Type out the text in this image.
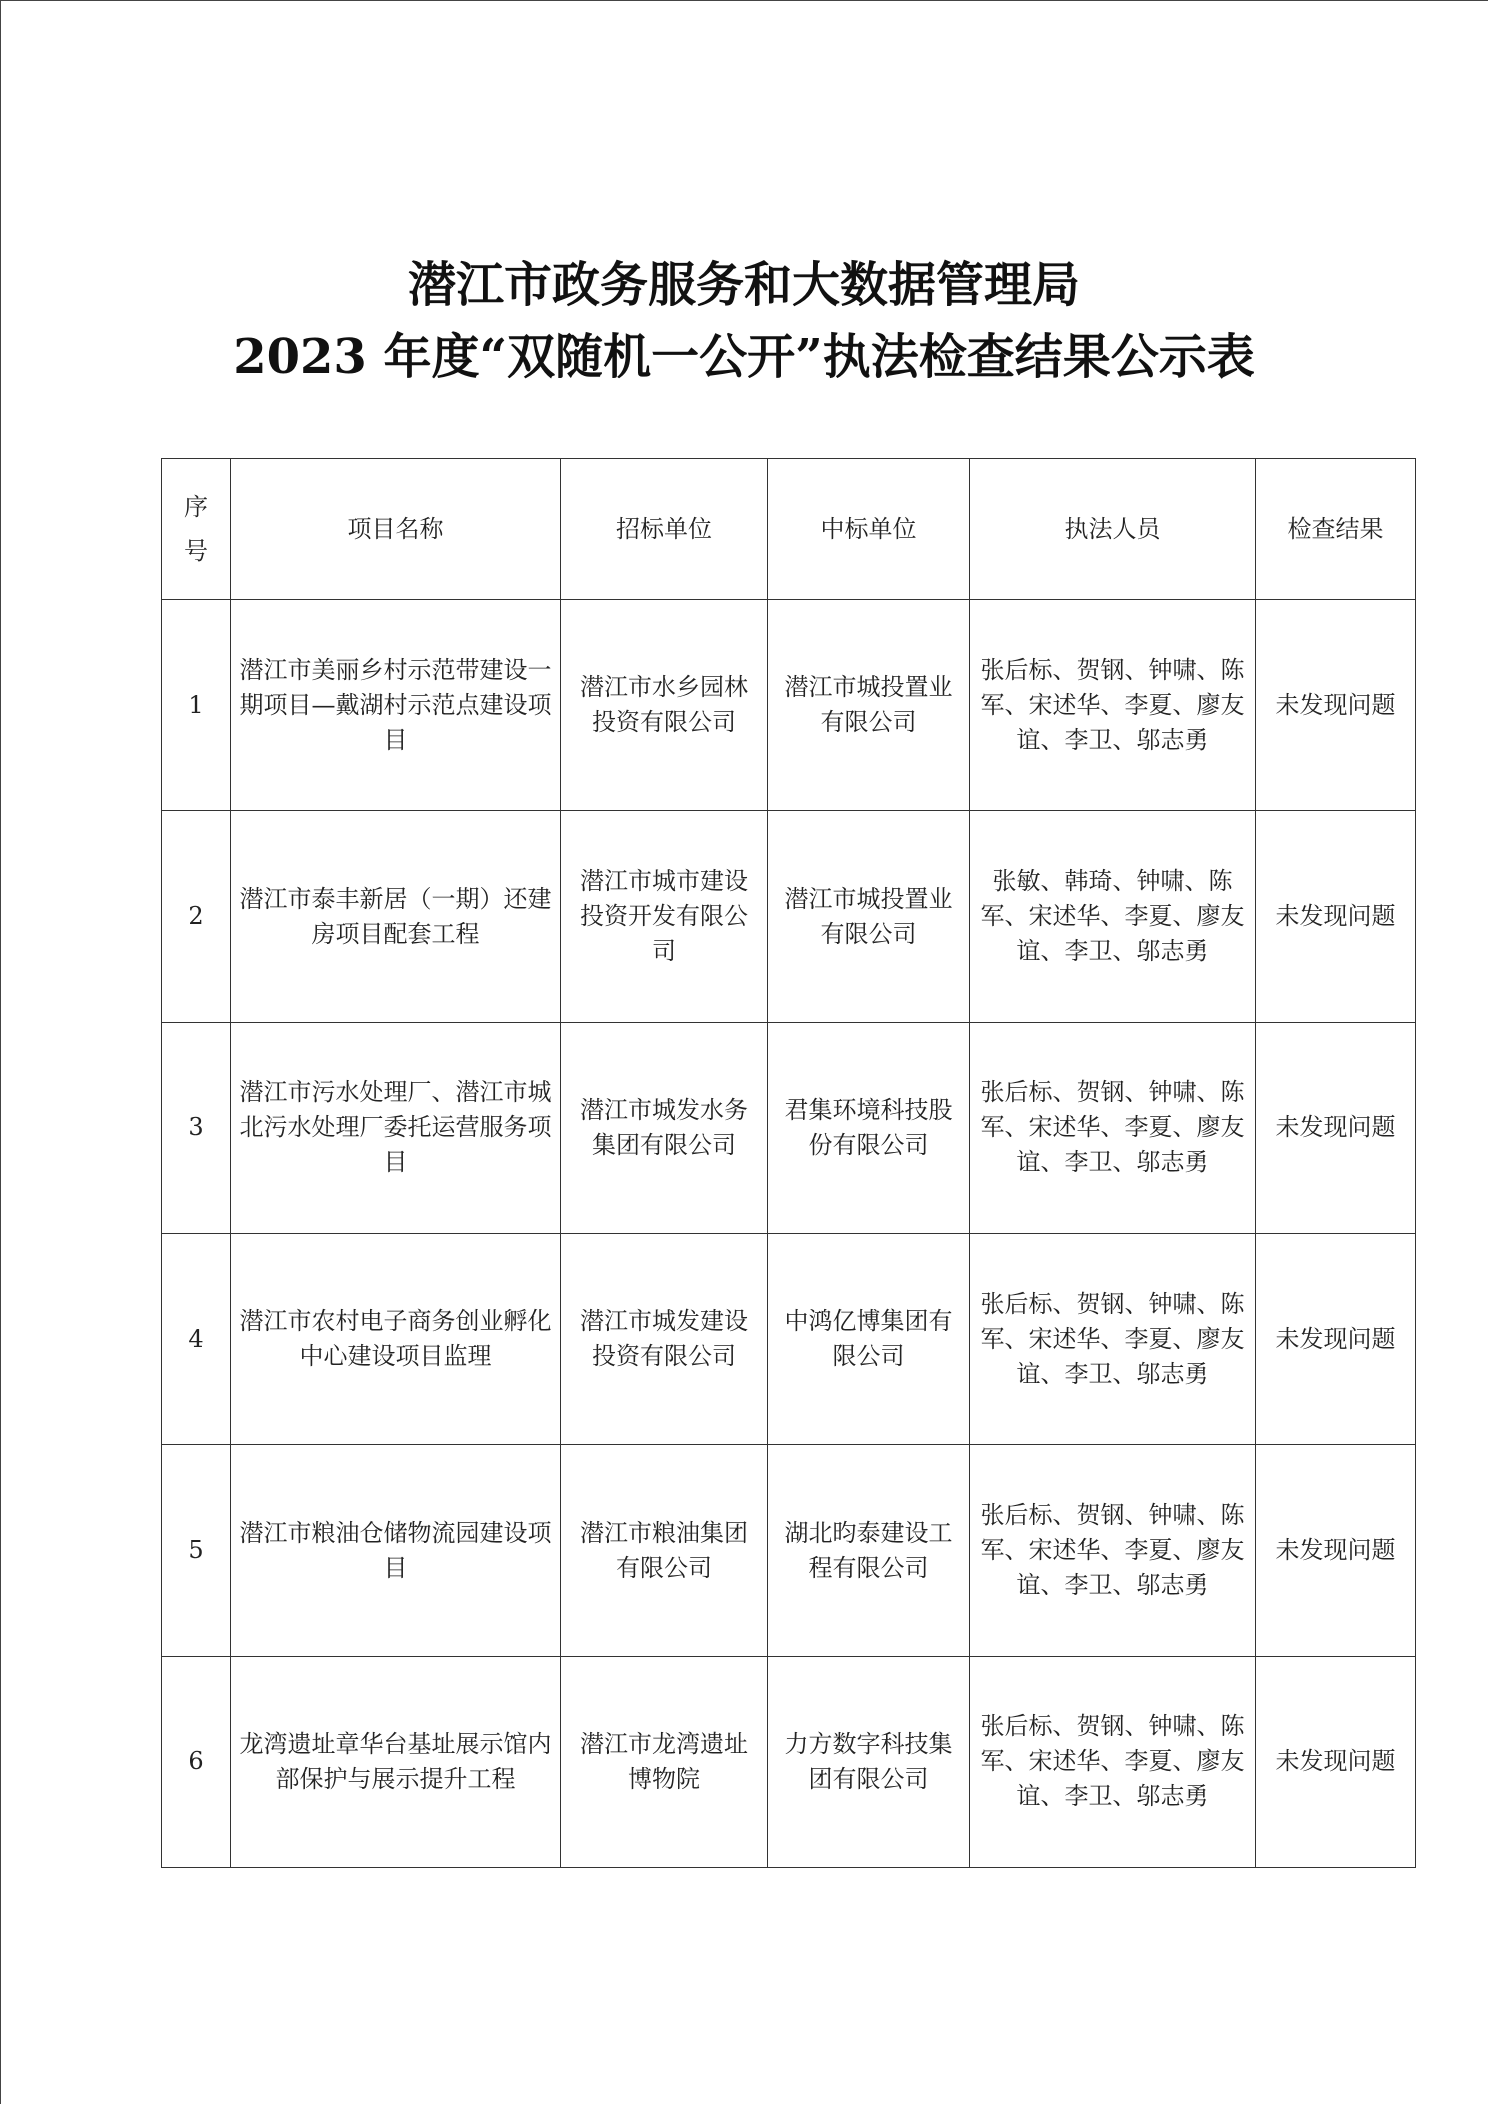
潜江市政务服务和大数据管理局
2023 年度“双随机一公开”执法检查结果公示表
序号	项目名称	招标单位	中标单位	执法人员	检查结果
1	潜江市美丽乡村示范带建设一期项目—戴湖村示范点建设项目	潜江市水乡园林投资有限公司	潜江市城投置业有限公司	张后标、贺钢、钟啸、陈军、宋述华、李夏、廖友谊、李卫、邬志勇	未发现问题
2	潜江市泰丰新居（一期）还建房项目配套工程	潜江市城市建设投资开发有限公司	潜江市城投置业有限公司	张敏、韩琦、钟啸、陈军、宋述华、李夏、廖友谊、李卫、邬志勇	未发现问题
3	潜江市污水处理厂、潜江市城北污水处理厂委托运营服务项目	潜江市城发水务集团有限公司	君集环境科技股份有限公司	张后标、贺钢、钟啸、陈军、宋述华、李夏、廖友谊、李卫、邬志勇	未发现问题
4	潜江市农村电子商务创业孵化中心建设项目监理	潜江市城发建设投资有限公司	中鸿亿博集团有限公司	张后标、贺钢、钟啸、陈军、宋述华、李夏、廖友谊、李卫、邬志勇	未发现问题
5	潜江市粮油仓储物流园建设项目	潜江市粮油集团有限公司	湖北昀泰建设工程有限公司	张后标、贺钢、钟啸、陈军、宋述华、李夏、廖友谊、李卫、邬志勇	未发现问题
6	龙湾遗址章华台基址展示馆内部保护与展示提升工程	潜江市龙湾遗址博物院	力方数字科技集团有限公司	张后标、贺钢、钟啸、陈军、宋述华、李夏、廖友谊、李卫、邬志勇	未发现问题
